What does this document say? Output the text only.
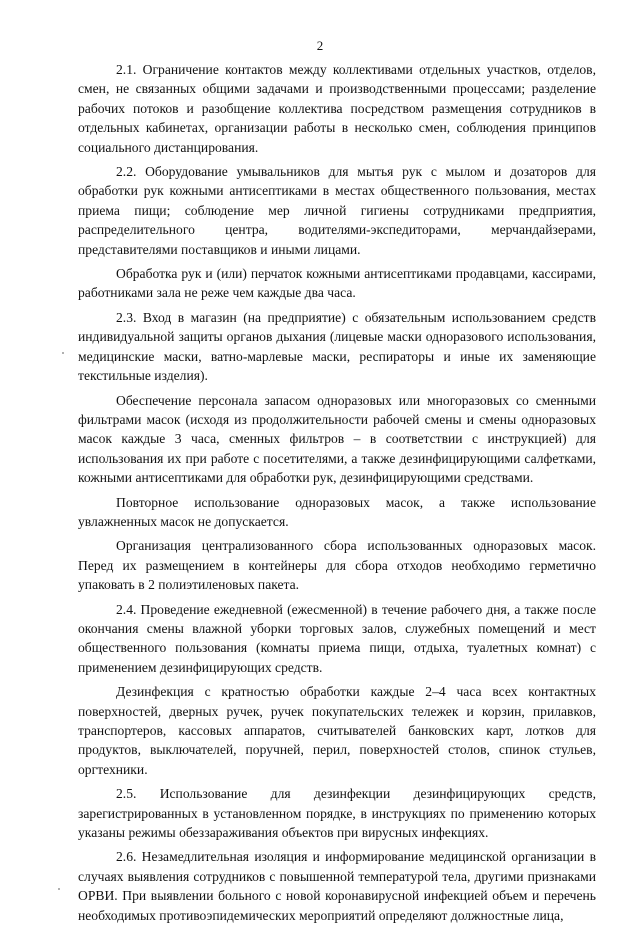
2

2.1. Ограничение контактов между коллективами отдельных участков, отделов, смен, не связанных общими задачами и производственными процессами; разделение рабочих потоков и разобщение коллектива посредством размещения сотрудников в отдельных кабинетах, организации работы в несколько смен, соблюдения принципов социального дистанцирования.

2.2. Оборудование умывальников для мытья рук с мылом и дозаторов для обработки рук кожными антисептиками в местах общественного пользования, местах приема пищи; соблюдение мер личной гигиены сотрудниками предприятия, распределительного центра, водителями-экспедиторами, мерчандайзерами, представителями поставщиков и иными лицами.

Обработка рук и (или) перчаток кожными антисептиками продавцами, кассирами, работниками зала не реже чем каждые два часа.

2.3. Вход в магазин (на предприятие) с обязательным использованием средств индивидуальной защиты органов дыхания (лицевые маски одноразового использования, медицинские маски, ватно-марлевые маски, респираторы и иные их заменяющие текстильные изделия).

Обеспечение персонала запасом одноразовых или многоразовых со сменными фильтрами масок (исходя из продолжительности рабочей смены и смены одноразовых масок каждые 3 часа, сменных фильтров – в соответствии с инструкцией) для использования их при работе с посетителями, а также дезинфицирующими салфетками, кожными антисептиками для обработки рук, дезинфицирующими средствами.

Повторное использование одноразовых масок, а также использование увлажненных масок не допускается.

Организация централизованного сбора использованных одноразовых масок. Перед их размещением в контейнеры для сбора отходов необходимо герметично упаковать в 2 полиэтиленовых пакета.

2.4. Проведение ежедневной (ежесменной) в течение рабочего дня, а также после окончания смены влажной уборки торговых залов, служебных помещений и мест общественного пользования (комнаты приема пищи, отдыха, туалетных комнат) с применением дезинфицирующих средств.

Дезинфекция с кратностью обработки каждые 2–4 часа всех контактных поверхностей, дверных ручек, ручек покупательских тележек и корзин, прилавков, транспортеров, кассовых аппаратов, считывателей банковских карт, лотков для продуктов, выключателей, поручней, перил, поверхностей столов, спинок стульев, оргтехники.

2.5. Использование для дезинфекции дезинфицирующих средств, зарегистрированных в установленном порядке, в инструкциях по применению которых указаны режимы обеззараживания объектов при вирусных инфекциях.

2.6. Незамедлительная изоляция и информирование медицинской организации в случаях выявления сотрудников с повышенной температурой тела, другими признаками ОРВИ. При выявлении больного с новой коронавирусной инфекцией объем и перечень необходимых противоэпидемических мероприятий определяют должностные лица,
